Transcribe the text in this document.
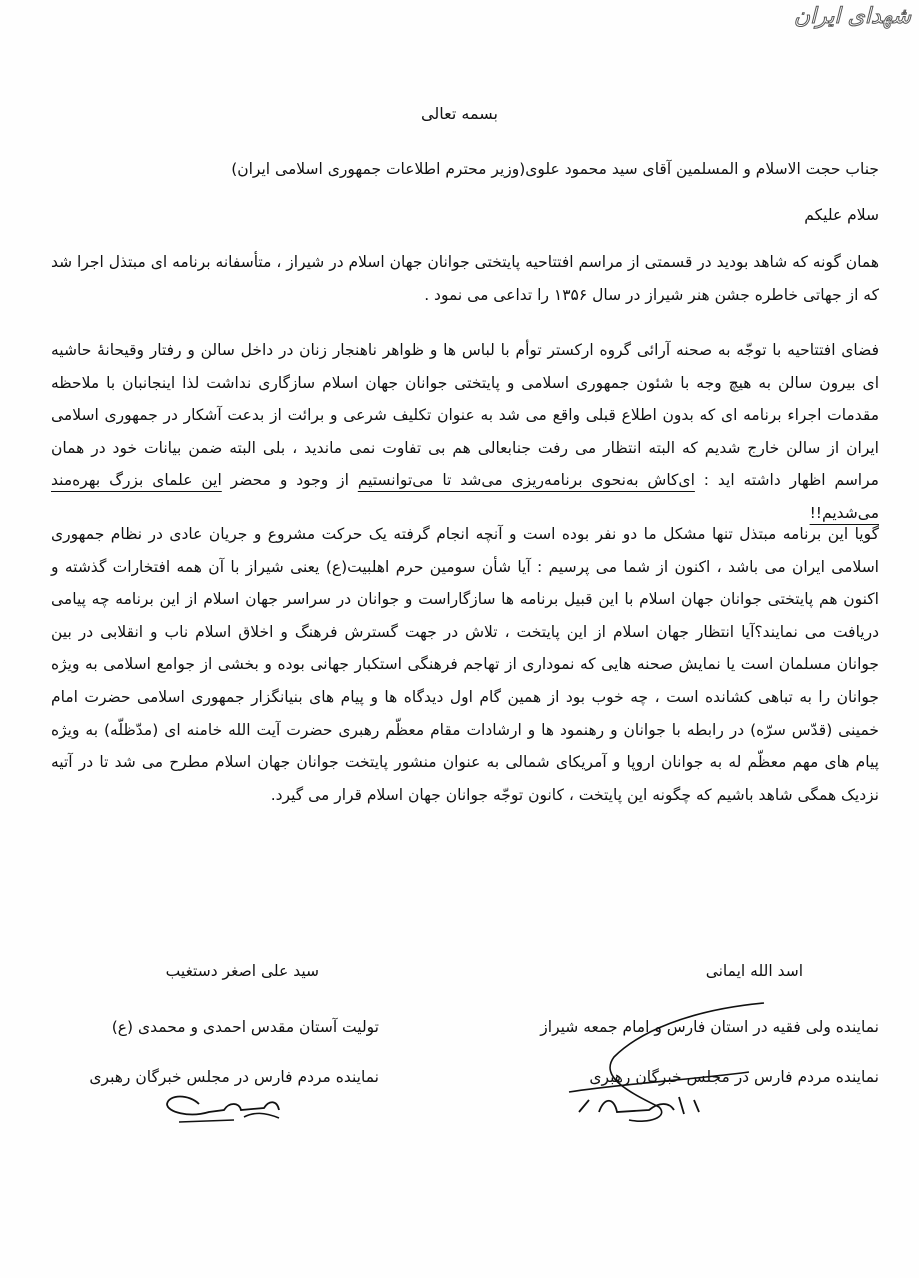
شهدای ایران
بسمه تعالی
جناب حجت الاسلام و المسلمین آقای سید محمود علوی(وزیر محترم اطلاعات جمهوری اسلامی ایران)
سلام علیکم
همان گونه که شاهد بودید در قسمتی از مراسم افتتاحیه پایتختی جوانان جهان اسلام در شیراز ، متأسفانه برنامه ای مبتذل اجرا شد که از جهاتی خاطره جشن هنر شیراز در سال ۱۳۵۶ را تداعی می نمود .
فضای افتتاحیه با توجّه به صحنه آرائی گروه ارکستر توأم با لباس ها و ظواهر ناهنجار زنان در داخل سالن و رفتار وقیحانهٔ حاشیه ای بیرون سالن به هیچ وجه با شئون جمهوری اسلامی و پایتختی جوانان جهان اسلام سازگاری نداشت لذا اینجانبان با ملاحظه مقدمات اجراء برنامه ای که بدون اطلاع قبلی واقع می شد به عنوان تکلیف شرعی و برائت از بدعت آشکار در جمهوری اسلامی ایران از سالن خارج شدیم که البته انتظار می رفت جنابعالی هم بی تفاوت نمی ماندید ، بلی البته ضمن بیانات خود در همان مراسم اظهار داشته اید : ای‌کاش به‌نحوی برنامه‌ریزی می‌شد تا می‌توانستیم از وجود و محضر این علمای بزرگ بهره‌مند می‌شدیم!!
گویا این برنامه مبتذل تنها مشکل ما دو نفر بوده است و آنچه انجام گرفته یک حرکت مشروع و جریان عادی در نظام جمهوری اسلامی ایران می باشد ، اکنون از شما می پرسیم : آیا شأن سومین حرم اهلبیت(ع) یعنی شیراز با آن همه افتخارات گذشته و اکنون هم پایتختی جوانان جهان اسلام با این قبیل برنامه ها سازگاراست و جوانان در سراسر جهان اسلام از این برنامه چه پیامی دریافت می نمایند؟آیا انتظار جهان اسلام از این پایتخت ، تلاش در جهت گسترش فرهنگ و اخلاق اسلام ناب و انقلابی در بین جوانان مسلمان است یا نمایش صحنه هایی که نموداری از تهاجم فرهنگی استکبار جهانی بوده و بخشی از جوامع اسلامی به ویژه جوانان را به تباهی کشانده است ، چه خوب بود از همین گام اول دیدگاه ها و پیام های بنیانگزار جمهوری اسلامی حضرت امام خمینی (قدّس سرّه) در رابطه با جوانان و رهنمود ها و ارشادات مقام معظّم رهبری حضرت آیت الله خامنه ای (مدّظلّه) به ویژه پیام های مهم معظّم له به جوانان اروپا و آمریکای شمالی به عنوان منشور پایتخت جوانان جهان اسلام مطرح می شد تا در آتیه نزدیک همگی شاهد باشیم که چگونه این پایتخت ، کانون توجّه جوانان جهان اسلام قرار می گیرد.
اسد الله ایمانی
نماینده ولی فقیه در استان فارس و امام جمعه شیراز
نماینده مردم فارس در مجلس خبرگان رهبری
سید علی اصغر دستغیب
تولیت آستان مقدس احمدی و محمدی (ع)
نماینده مردم فارس در مجلس خبرگان رهبری
